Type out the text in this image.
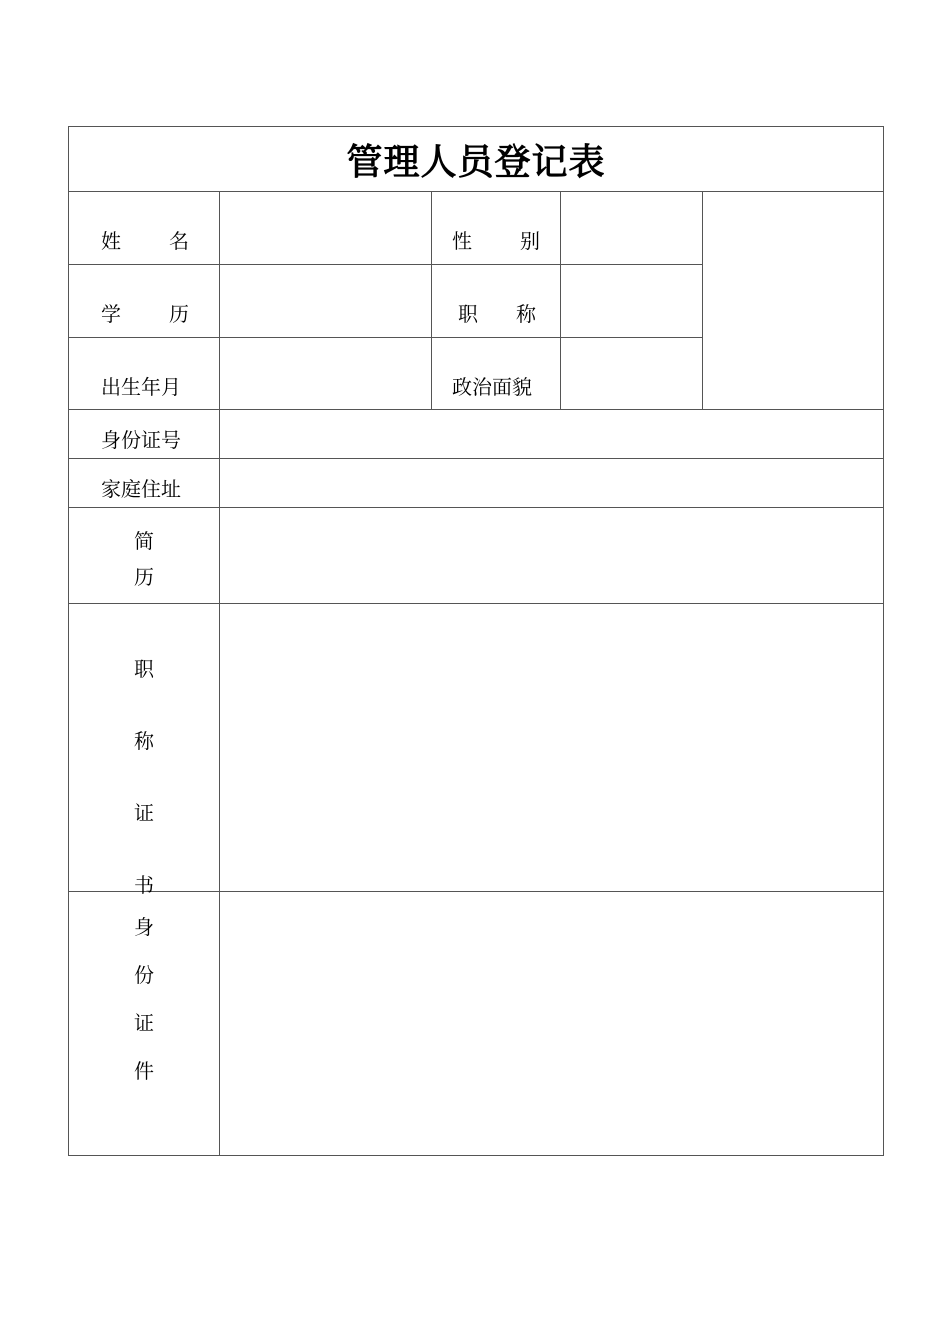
管理人员登记表
姓 名	性 别
学 历	职 称
出生年月	政治面貌
身份证号
家庭住址
简
历
职
称
证
书
身
份
证
件
